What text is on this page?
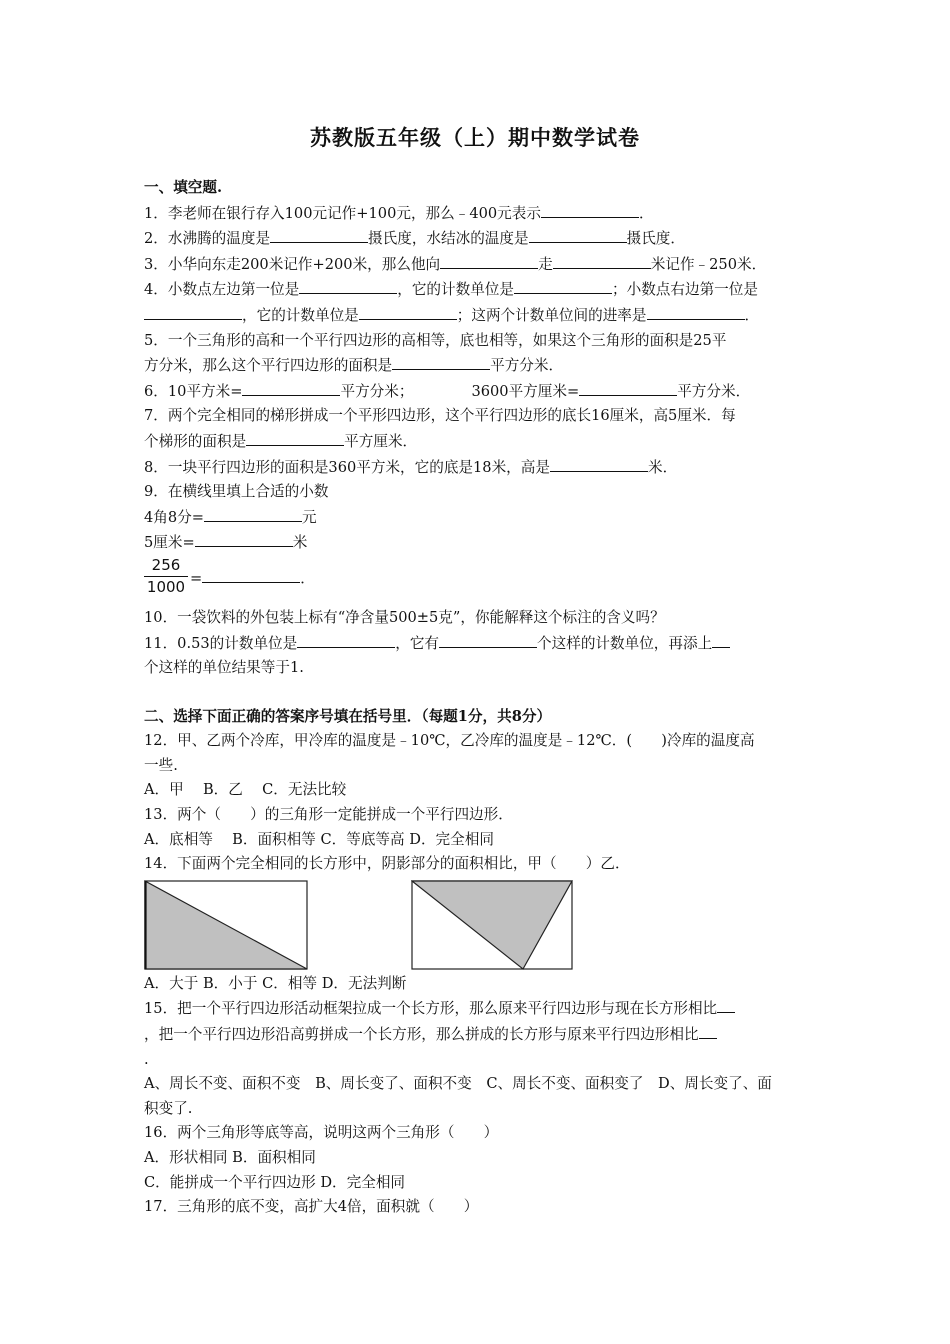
苏教版五年级（上）期中数学试卷
一、填空题.
1．李老师在银行存入100元记作+100元，那么﹣400元表示	．
2．水沸腾的温度是	摄氏度，水结冰的温度是	摄氏度．
3．小华向东走200米记作+200米，那么他向	走	米记作﹣250米．
4．小数点左边第一位是	，它的计数单位是	；小数点右边第一位是
，它的计数单位是	；这两个计数单位间的进率是	．
5．一个三角形的高和一个平行四边形的高相等，底也相等，如果这个三角形的面积是25平
方分米，那么这个平行四边形的面积是	平方分米．
6．10平方米=	平方分米；	3600平方厘米=	平方分米．
7．两个完全相同的梯形拼成一个平形四边形，这个平行四边形的底长16厘米，高5厘米．每
个梯形的面积是	平方厘米．
8．一块平行四边形的面积是360平方米，它的底是18米，高是	米．
9．在横线里填上合适的小数
4角8分=	元
5厘米=	米
256
1000 =	．
10．一袋饮料的外包装上标有“净含量500±5克”，你能解释这个标注的含义吗？
11．0.53的计数单位是	，它有	个这样的计数单位，再添上
个这样的单位结果等于1.
二、选择下面正确的答案序号填在括号里．（每题1分，共8分）
12．甲、乙两个冷库，甲冷库的温度是﹣10℃，乙冷库的温度是﹣12℃．(　　)冷库的温度高
一些.
A．甲　 B．乙　 C．无法比较
13．两个（　　）的三角形一定能拼成一个平行四边形．
A．底相等　 B．面积相等 C．等底等高 D．完全相同
14．下面两个完全相同的长方形中，阴影部分的面积相比，甲（　　）乙．
A．大于 B．小于 C．相等 D．无法判断
15．把一个平行四边形活动框架拉成一个长方形，那么原来平行四边形与现在长方形相比
，把一个平行四边形沿高剪拼成一个长方形，那么拼成的长方形与原来平行四边形相比
.
A、周长不变、面积不变　B、周长变了、面积不变　C、周长不变、面积变了　D、周长变了、面
积变了.
16．两个三角形等底等高，说明这两个三角形（　　）
A．形状相同 B．面积相同
C．能拼成一个平行四边形 D．完全相同
17．三角形的底不变，高扩大4倍，面积就（　　）
